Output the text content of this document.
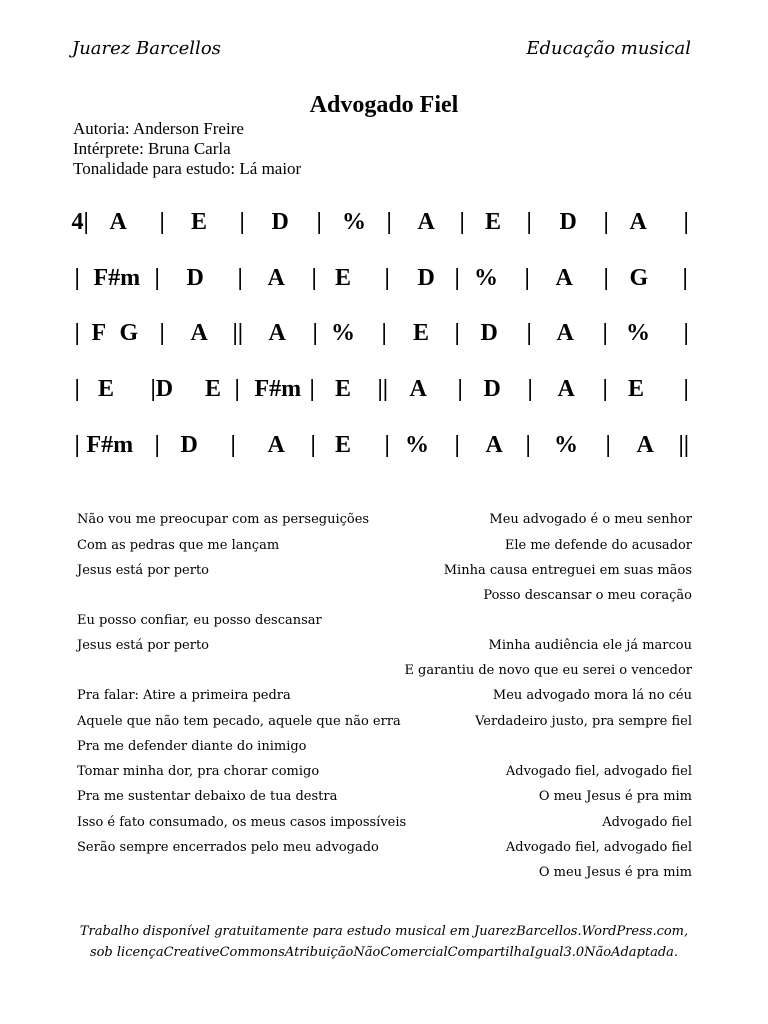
Juarez Barcellos	Educação musical
Advogado Fiel
Autoria: Anderson Freire
Intérprete: Bruna Carla
Tonalidade para estudo: Lá maior
4| A | E | D | % | A | E | D | A |
| F#m | D | A | E | D | % | A | G |
| F G | A || A | % | E | D | A | % |
| E |D E | F#m | E || A | D | A | E |
| F#m | D | A | E | % | A | % | A ||
Não vou me preocupar com as perseguições
Com as pedras que me lançam
Jesus está por perto
Eu posso confiar, eu posso descansar
Jesus está por perto
Pra falar: Atire a primeira pedra
Aquele que não tem pecado, aquele que não erra
Pra me defender diante do inimigo
Tomar minha dor, pra chorar comigo
Pra me sustentar debaixo de tua destra
Isso é fato consumado, os meus casos impossíveis
Serão sempre encerrados pelo meu advogado
Meu advogado é o meu senhor
Ele me defende do acusador
Minha causa entreguei em suas mãos
Posso descansar o meu coração
Minha audiência ele já marcou
E garantiu de novo que eu serei o vencedor
Meu advogado mora lá no céu
Verdadeiro justo, pra sempre fiel
Advogado fiel, advogado fiel
O meu Jesus é pra mim
Advogado fiel
Advogado fiel, advogado fiel
O meu Jesus é pra mim
Trabalho disponível gratuitamente para estudo musical em JuarezBarcellos.WordPress.com,
sob licençaCreativeCommonsAtribuiçãoNãoComercialCompartilhaIgual3.0NãoAdaptada.
